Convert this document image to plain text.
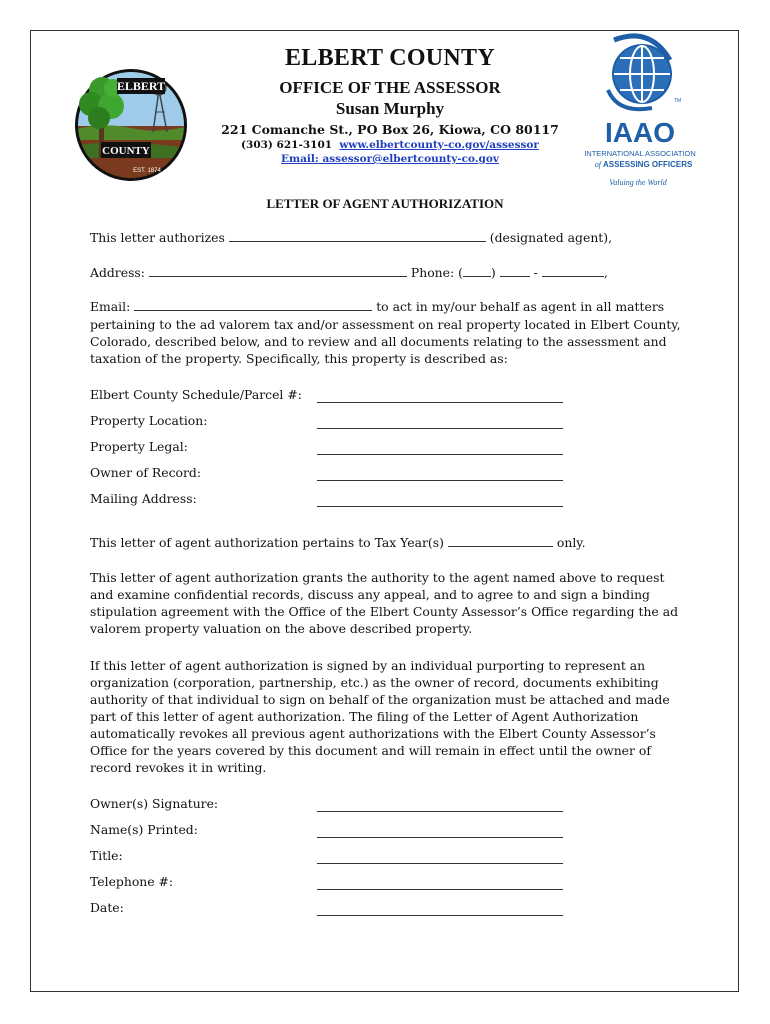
ELBERT
COUNTY
EST. 1874
TM
IAAO
INTERNATIONAL ASSOCIATION
of ASSESSING OFFICERS
Valuing the World
ELBERT COUNTY
OFFICE OF THE ASSESSOR
Susan Murphy
221 Comanche St., PO Box 26, Kiowa, CO 80117
(303) 621-3101 www.elbertcounty-co.gov/assessor
Email: assessor@elbertcounty-co.gov
LETTER OF AGENT AUTHORIZATION
This letter authorizes	(designated agent),
Address:	Phone: ( )	-	,
Email:	to act in my/our behalf as agent in all matters

pertaining to the ad valorem tax and/or assessment on real property located in Elbert County, Colorado, described below, and to review and all documents relating to the assessment and taxation of the property. Specifically, this property is described as:

Elbert County Schedule/Parcel #:
Property Location:
Property Legal:
Owner of Record:
Mailing Address:
This letter of agent authorization pertains to Tax Year(s)	only.

This letter of agent authorization grants the authority to the agent named above to request and examine confidential records, discuss any appeal, and to agree to and sign a binding stipulation agreement with the Office of the Elbert County Assessor’s Office regarding the ad valorem property valuation on the above described property.

If this letter of agent authorization is signed by an individual purporting to represent an organization (corporation, partnership, etc.) as the owner of record, documents exhibiting authority of that individual to sign on behalf of the organization must be attached and made part of this letter of agent authorization. The filing of the Letter of Agent Authorization automatically revokes all previous agent authorizations with the Elbert County Assessor’s Office for the years covered by this document and will remain in effect until the owner of record revokes it in writing.

Owner(s) Signature:
Name(s) Printed:
Title:
Telephone #:
Date:
